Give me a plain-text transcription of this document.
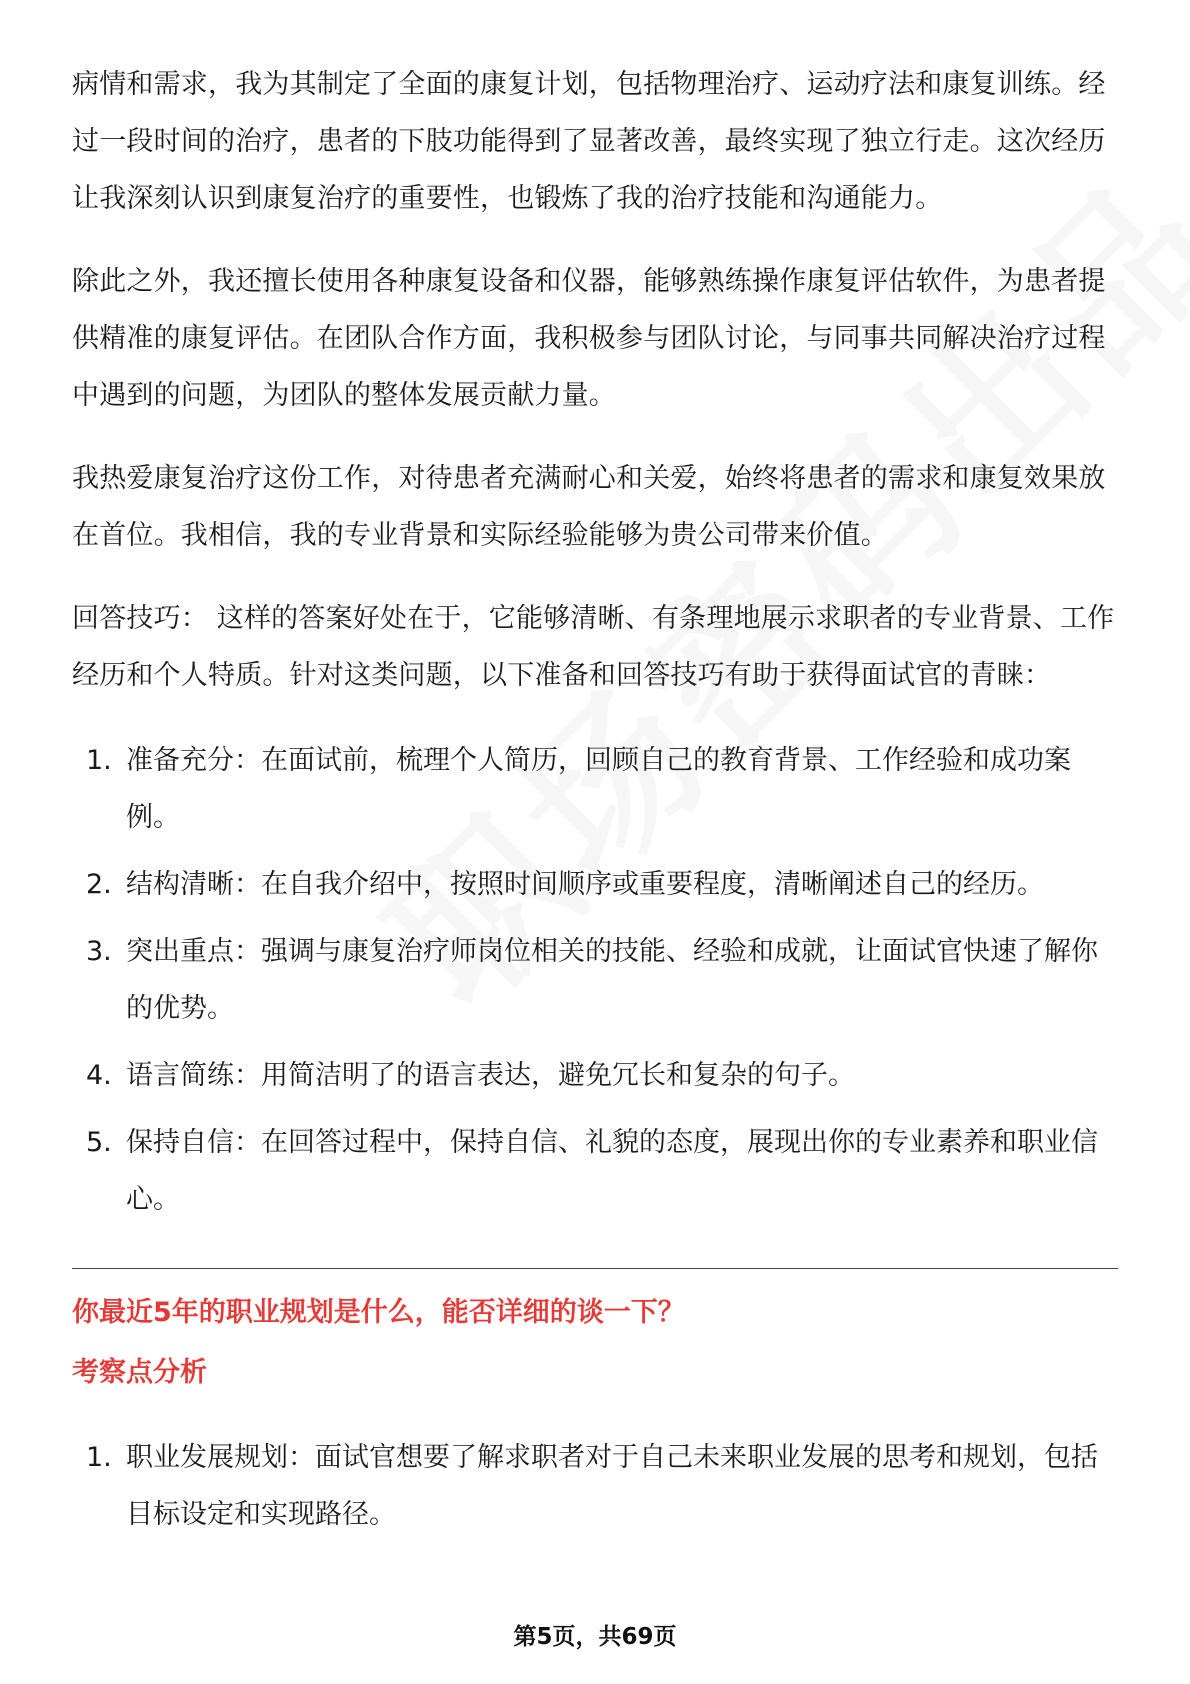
病情和需求，我为其制定了全面的康复计划，包括物理治疗、运动疗法和康复训练。经过一段时间的治疗，患者的下肢功能得到了显著改善，最终实现了独立行走。这次经历让我深刻认识到康复治疗的重要性，也锻炼了我的治疗技能和沟通能力。

除此之外，我还擅长使用各种康复设备和仪器，能够熟练操作康复评估软件，为患者提供精准的康复评估。在团队合作方面，我积极参与团队讨论，与同事共同解决治疗过程中遇到的问题，为团队的整体发展贡献力量。

我热爱康复治疗这份工作，对待患者充满耐心和关爱，始终将患者的需求和康复效果放在首位。我相信，我的专业背景和实际经验能够为贵公司带来价值。

回答技巧： 这样的答案好处在于，它能够清晰、有条理地展示求职者的专业背景、工作经历和个人特质。针对这类问题，以下准备和回答技巧有助于获得面试官的青睐：

1. 准备充分：在面试前，梳理个人简历，回顾自己的教育背景、工作经验和成功案例。
2. 结构清晰：在自我介绍中，按照时间顺序或重要程度，清晰阐述自己的经历。
3. 突出重点：强调与康复治疗师岗位相关的技能、经验和成就，让面试官快速了解你的优势。
4. 语言简练：用简洁明了的语言表达，避免冗长和复杂的句子。
5. 保持自信：在回答过程中，保持自信、礼貌的态度，展现出你的专业素养和职业信心。
你最近5年的职业规划是什么，能否详细的谈一下？
考察点分析
1. 职业发展规划：面试官想要了解求职者对于自己未来职业发展的思考和规划，包括目标设定和实现路径。
第5页，共69页
